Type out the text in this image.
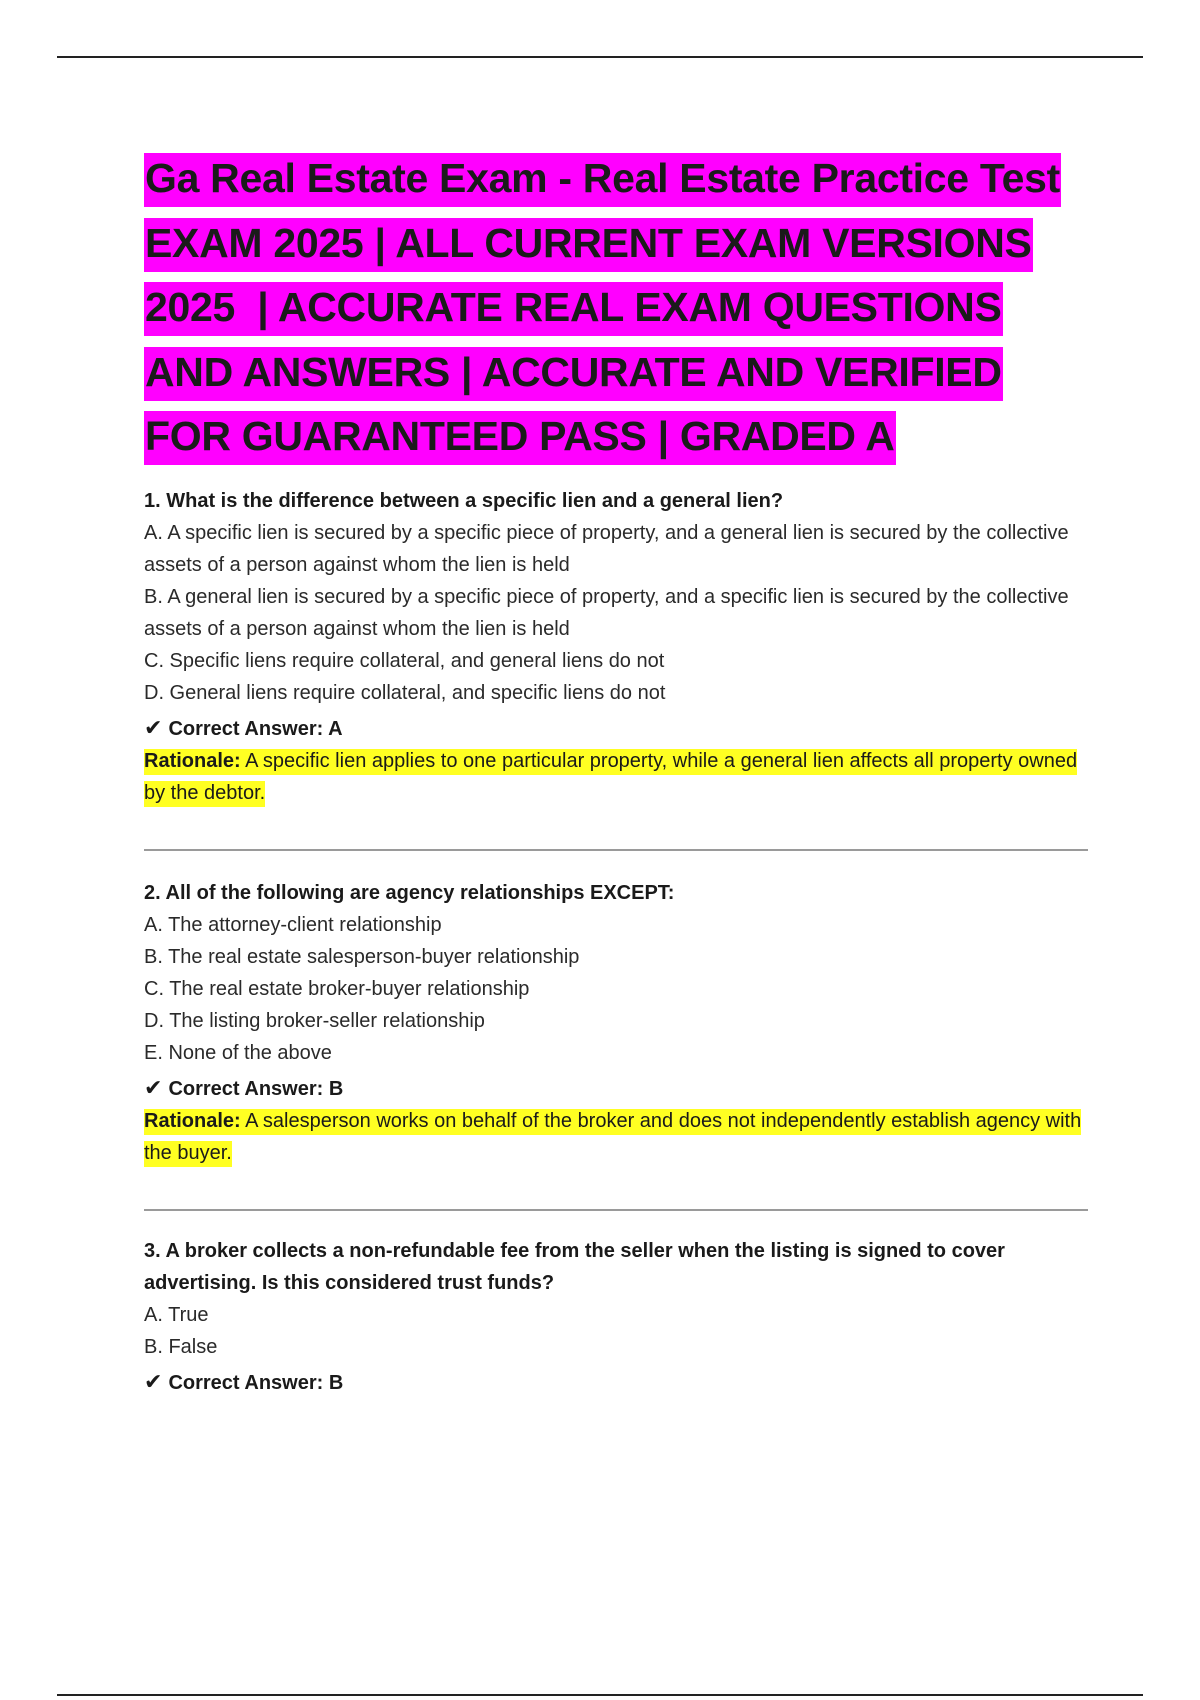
Ga Real Estate Exam - Real Estate Practice Test
EXAM 2025 | ALL CURRENT EXAM VERSIONS
2025  | ACCURATE REAL EXAM QUESTIONS
AND ANSWERS | ACCURATE AND VERIFIED
FOR GUARANTEED PASS | GRADED A

1. What is the difference between a specific lien and a general lien?

A. A specific lien is secured by a specific piece of property, and a general lien is secured by the collective assets of a person against whom the lien is held
B. A general lien is secured by a specific piece of property, and a specific lien is secured by the collective assets of a person against whom the lien is held
C. Specific liens require collateral, and general liens do not
D. General liens require collateral, and specific liens do not
✔ Correct Answer: A

Rationale: A specific lien applies to one particular property, while a general lien affects all property owned by the debtor.

2. All of the following are agency relationships EXCEPT:

A. The attorney-client relationship
B. The real estate salesperson-buyer relationship
C. The real estate broker-buyer relationship
D. The listing broker-seller relationship
E. None of the above
✔ Correct Answer: B

Rationale: A salesperson works on behalf of the broker and does not independently establish agency with the buyer.

3. A broker collects a non-refundable fee from the seller when the listing is signed to cover advertising. Is this considered trust funds?

A. True
B. False
✔ Correct Answer: B
